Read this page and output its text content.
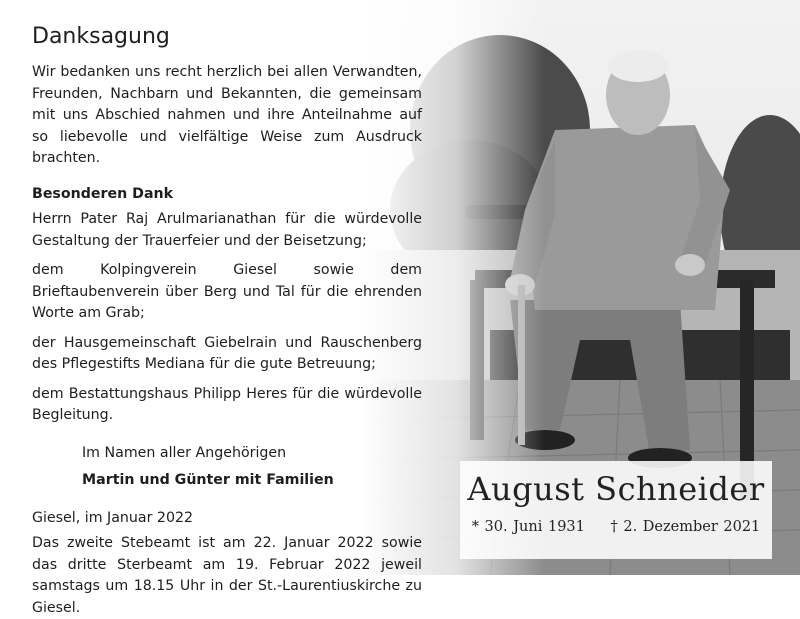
Danksagung

Wir bedanken uns recht herzlich bei allen Verwandten, Freunden, Nachbarn und Bekannten, die gemeinsam mit uns Abschied nahmen und ihre Anteilnahme auf so liebevolle und vielfältige Weise zum Ausdruck brachten.

Besonderen Dank

Herrn Pater Raj Arulmarianathan für die würdevolle Gestaltung der Trauerfeier und der Beisetzung;

dem Kolpingverein Giesel sowie dem Brieftaubenverein über Berg und Tal für die ehrenden Worte am Grab;

der Hausgemeinschaft Giebelrain und Rauschenberg des Pflegestifts Mediana für die gute Betreuung;

dem Bestattungshaus Philipp Heres für die würdevolle Begleitung.

Im Namen aller Angehörigen

Martin und Günter mit Familien

Giesel, im Januar 2022

Das zweite Stebeamt ist am 22. Januar 2022 sowie das dritte Sterbeamt am 19. Februar 2022 jeweil samstags um 18.15 Uhr in der St.-Laurentiuskirche zu Giesel.

August Schneider
* 30. Juni 1931 † 2. Dezember 2021
